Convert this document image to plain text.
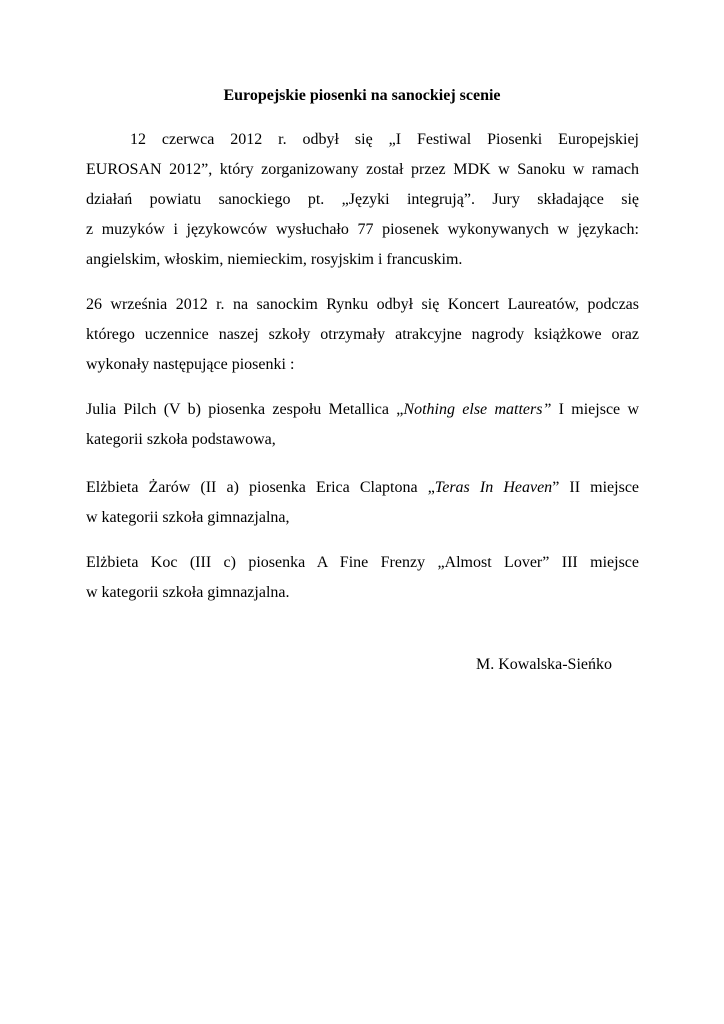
Europejskie piosenki na sanockiej scenie
12 czerwca 2012 r. odbył się „I Festiwal Piosenki Europejskiej
EUROSAN 2012”, który zorganizowany został przez MDK w Sanoku w ramach
działań powiatu sanockiego pt. „Języki integrują”. Jury składające się
z muzyków i językowców wysłuchało 77 piosenek wykonywanych w językach:
angielskim, włoskim, niemieckim, rosyjskim i francuskim.
26 września 2012 r. na sanockim Rynku odbył się Koncert Laureatów, podczas
którego uczennice naszej szkoły otrzymały atrakcyjne nagrody książkowe oraz
wykonały następujące piosenki :
Julia Pilch (V b) piosenka zespołu Metallica „Nothing else matters” I miejsce w
kategorii szkoła podstawowa,
Elżbieta Żarów (II a) piosenka Erica Claptona „Teras In Heaven” II miejsce
w kategorii szkoła gimnazjalna,
Elżbieta Koc (III c) piosenka A Fine Frenzy „Almost Lover” III miejsce
w kategorii szkoła gimnazjalna.
M. Kowalska-Sieńko
